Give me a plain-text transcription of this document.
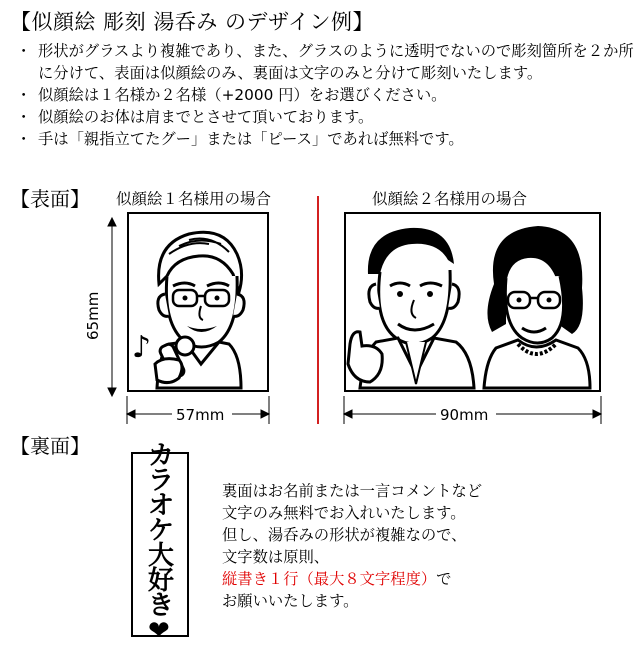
【似顔絵 彫刻 湯呑み のデザイン例】
・ 形状がグラスより複雑であり、また、グラスのように透明でないので彫刻箇所を２か所に分けて、表面は似顔絵のみ、裏面は文字のみと分けて彫刻いたします。
・ 似顔絵は１名様か２名様（+2000 円）をお選びください。
・ 似顔絵のお体は肩までとさせて頂いております。
・ 手は「親指立てたグー」または「ピース」であれば無料です。
【表面】 似顔絵１名様用の場合	似顔絵２名様用の場合
♪
65mm
57mm	90mm
【裏面】 カラオケ大好き❤
裏面はお名前または一言コメントなど
文字のみ無料でお入れいたします。
但し、湯呑みの形状が複雑なので、
文字数は原則、
縦書き１行（最大８文字程度）で
お願いいたします。
